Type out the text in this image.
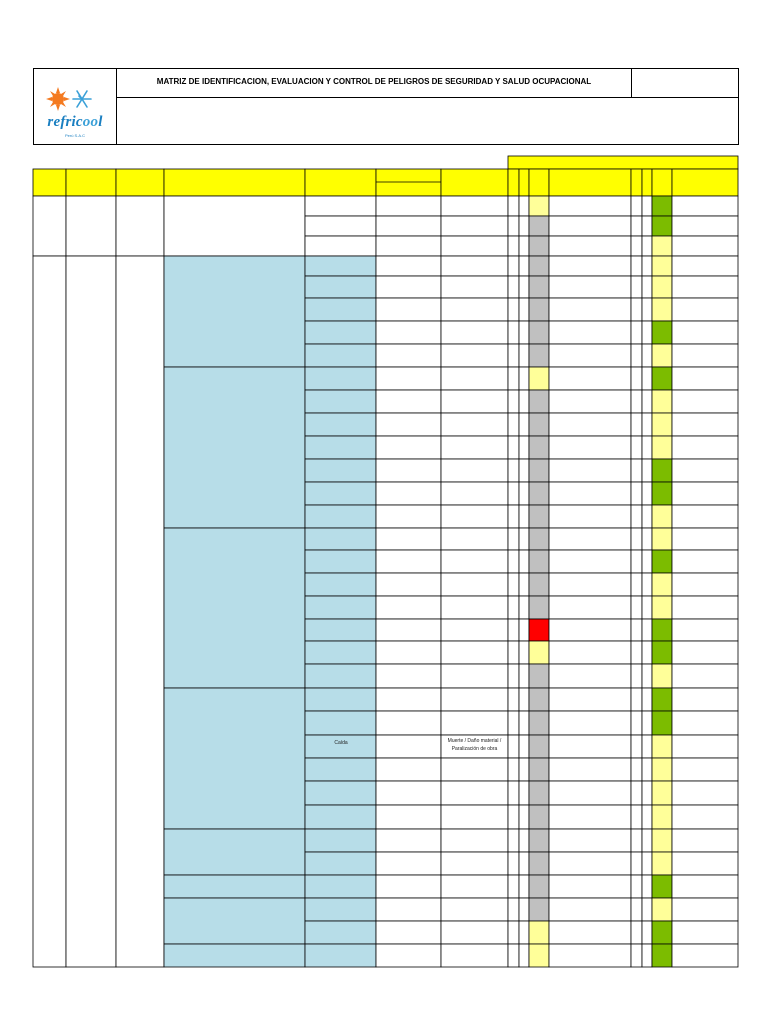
MATRIZ DE IDENTIFICACION, EVALUACION Y CONTROL DE PELIGROS DE SEGURIDAD Y SALUD OCUPACIONAL
refricool
Perú S.A.C
Caída	Muerte / Daño material /
Paralización de obra
